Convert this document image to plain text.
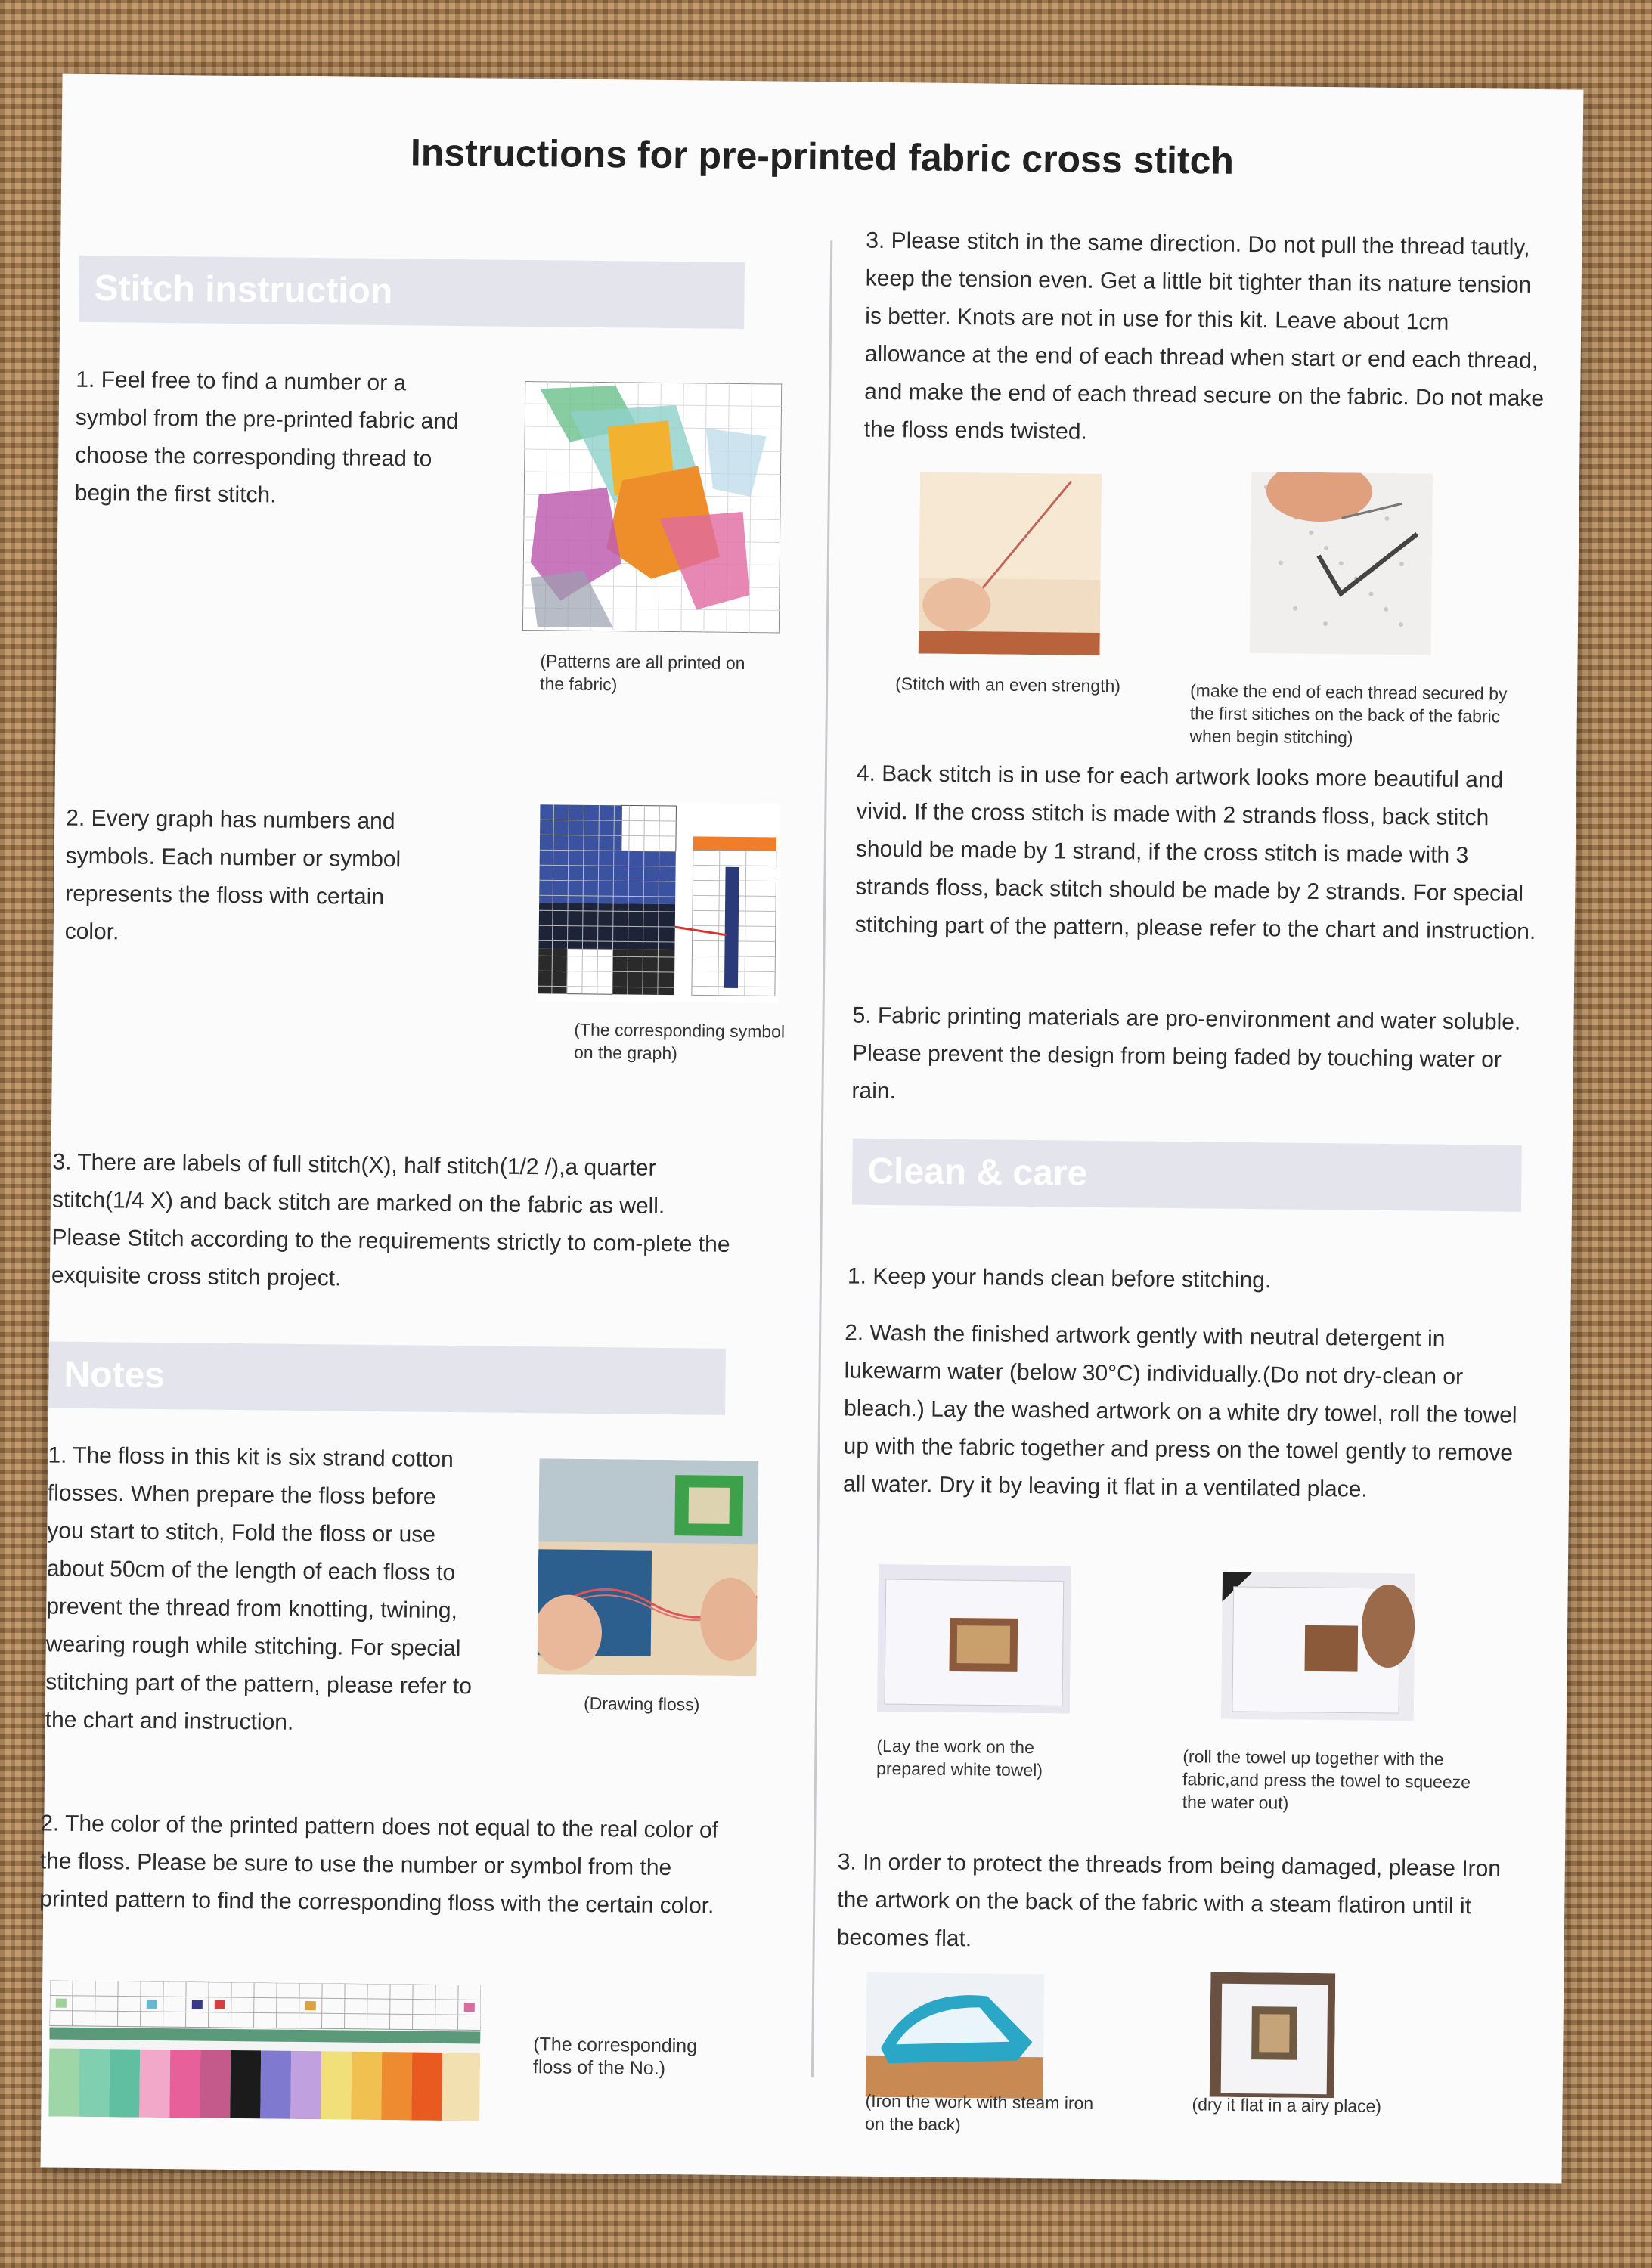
Instructions for pre-printed fabric cross stitch
Stitch instruction
1. Feel free to find a number or a symbol from the pre-printed fabric and choose the corresponding thread to begin the first stitch.
(Patterns are all printed on the fabric)
2. Every graph has numbers and symbols. Each number or symbol represents the floss with certain color.
(The corresponding symbol on the graph)
3. There are labels of full stitch(X), half stitch(1/2 /),a quarter stitch(1/4 X) and back stitch are marked on the fabric as well. Please Stitch according to the requirements strictly to com-plete the exquisite cross stitch project.
Notes
1. The floss in this kit is six strand cotton flosses. When prepare the floss before you start to stitch, Fold the floss or use about 50cm of the length of each floss to prevent the thread from knotting, twining, wearing rough while stitching. For special stitching part of the pattern, please refer to the chart and instruction.
(Drawing floss)
2. The color of the printed pattern does not equal to the real color of the floss. Please be sure to use the number or symbol from the printed pattern to find the corresponding floss with the certain color.
(The corresponding floss of the No.)
3. Please stitch in the same direction. Do not pull the thread tautly, keep the tension even. Get a little bit tighter than its nature tension is better. Knots are not in use for this kit. Leave about 1cm allowance at the end of each thread when start or end each thread, and make the end of each thread secure on the fabric. Do not make the floss ends twisted.
(Stitch with an even strength)	(make the end of each thread secured by the first sitiches on the back of the fabric when begin stitching)
4. Back stitch is in use for each artwork looks more beautiful and vivid. If the cross stitch is made with 2 strands floss, back stitch should be made by 1 strand, if the cross stitch is made with 3 strands floss, back stitch should be made by 2 strands. For special stitching part of the pattern, please refer to the chart and instruction.
5. Fabric printing materials are pro-environment and water soluble. Please prevent the design from being faded by touching water or rain.
Clean & care
1. Keep your hands clean before stitching.
2. Wash the finished artwork gently with neutral detergent in lukewarm water (below 30°C) individually.(Do not dry-clean or bleach.) Lay the washed artwork on a white dry towel, roll the towel up with the fabric together and press on the towel gently to remove all water. Dry it by leaving it flat in a ventilated place.
(Lay the work on the prepared white towel)
(roll the towel up together with the fabric,and press the towel to squeeze the water out)
3. In order to protect the threads from being damaged, please Iron the artwork on the back of the fabric with a steam flatiron until it becomes flat.
(Iron the work with steam iron on the back)
(dry it flat in a airy place)
